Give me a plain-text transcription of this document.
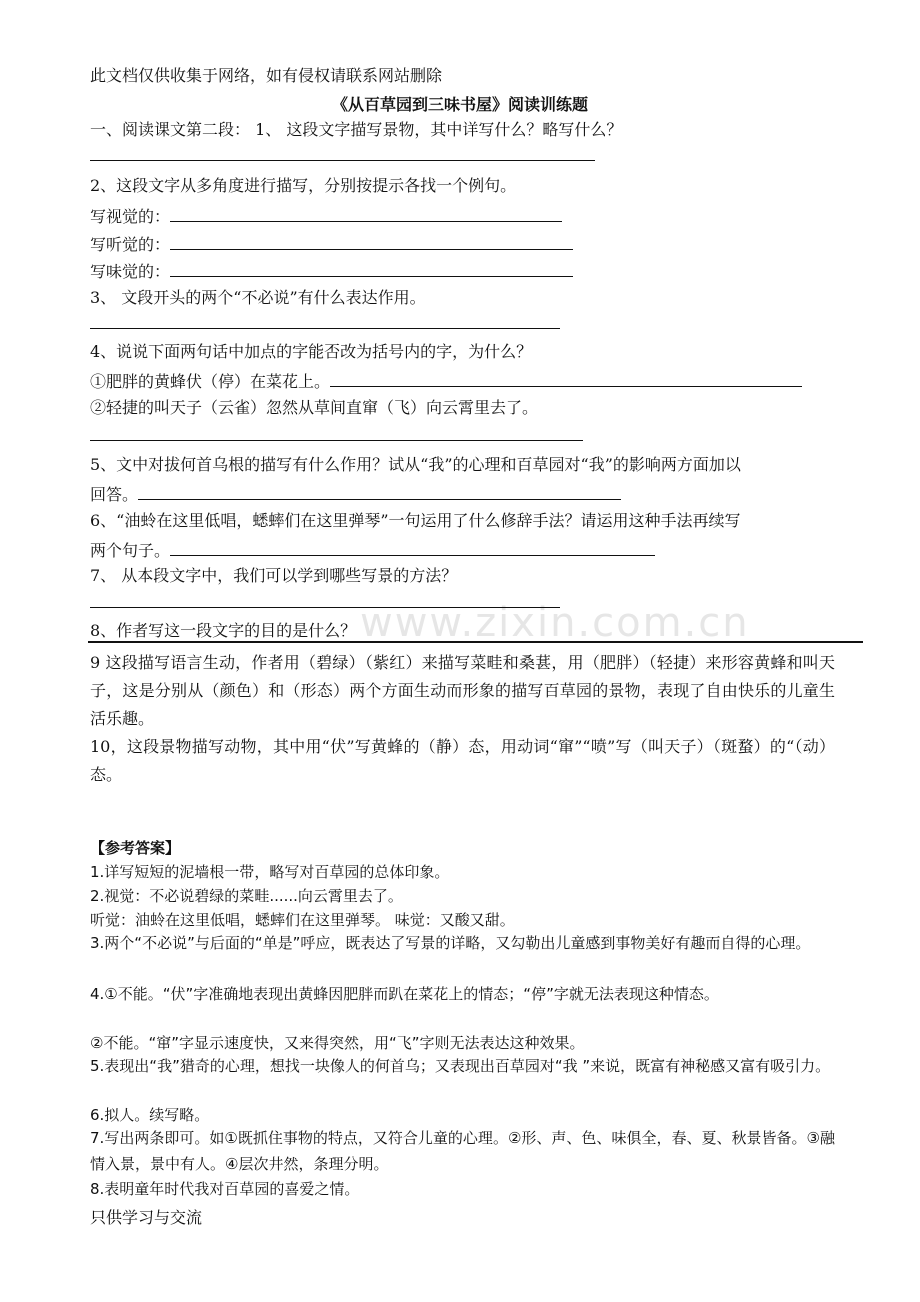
www.zixin.com.cn
此文档仅供收集于网络，如有侵权请联系网站删除
《从百草园到三味书屋》阅读训练题
一、阅读课文第二段： 1、 这段文字描写景物，其中详写什么？略写什么？
2、这段文字从多角度进行描写，分别按提示各找一个例句。
写视觉的：
写听觉的：
写味觉的：
3、 文段开头的两个“不必说”有什么表达作用。
4、说说下面两句话中加点的字能否改为括号内的字，为什么？
①肥胖的黄蜂伏（停）在菜花上。
②轻捷的叫天子（云雀）忽然从草间直窜（飞）向云霄里去了。
5、文中对拔何首乌根的描写有什么作用？试从“我”的心理和百草园对“我”的影响两方面加以
回答。
6、“油蛉在这里低唱，蟋蟀们在这里弹琴”一句运用了什么修辞手法？请运用这种手法再续写
两个句子。
7、 从本段文字中，我们可以学到哪些写景的方法？
8、作者写这一段文字的目的是什么？
9 这段描写语言生动，作者用（碧绿）（紫红）来描写菜畦和桑葚，用（肥胖）（轻捷）来形容黄蜂和叫天子，这是分别从（颜色）和（形态）两个方面生动而形象的描写百草园的景物，表现了自由快乐的儿童生活乐趣。
10，这段景物描写动物，其中用“伏”写黄蜂的（静）态，用动词“窜”“喷”写（叫天子）（斑蝥）的“（动）态。
【参考答案】
1.详写短短的泥墙根一带，略写对百草园的总体印象。
2.视觉：不必说碧绿的菜畦......向云霄里去了。
听觉：油蛉在这里低唱，蟋蟀们在这里弹琴。 味觉：又酸又甜。
3.两个“不必说”与后面的“单是”呼应，既表达了写景的详略，又勾勒出儿童感到事物美好有趣而自得的心理。
4.①不能。“伏”字准确地表现出黄蜂因肥胖而趴在菜花上的情态；“停”字就无法表现这种情态。
②不能。“窜”字显示速度快，又来得突然，用“飞”字则无法表达这种效果。
5.表现出“我”猎奇的心理，想找一块像人的何首乌；又表现出百草园对“我 ”来说，既富有神秘感又富有吸引力。
6.拟人。续写略。
7.写出两条即可。如①既抓住事物的特点，又符合儿童的心理。②形、声、色、味俱全，春、夏、秋景皆备。③融情入景，景中有人。④层次井然，条理分明。
8.表明童年时代我对百草园的喜爱之情。
只供学习与交流
